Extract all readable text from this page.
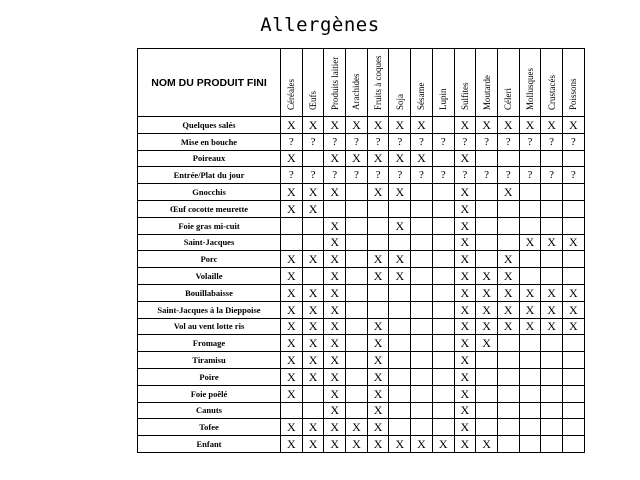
Allergènes
NOM DU PRODUIT FINI	Céréales	Œufs	Produits laitier	Arachides	Fruits à coques	Soja	Sésame	Lupin	Sulfites	Moutarde	Céleri	Mollusques	Crustacés	Poissons

Quelques salés	X	X	X	X	X	X	X		X	X	X	X	X	X
Mise en bouche	?	?	?	?	?	?	?	?	?	?	?	?	?	?
Poireaux	X		X	X	X	X	X		X					
Entrée/Plat du jour	?	?	?	?	?	?	?	?	?	?	?	?	?	?
Gnocchis	X	X	X		X	X			X		X			
Œuf cocotte meurette	X	X							X					
Foie gras mi-cuit			X			X			X					
Saint-Jacques			X						X			X	X	X
Porc	X	X	X		X	X			X		X			
Volaille	X		X		X	X			X	X	X			
Bouillabaisse	X	X	X						X	X	X	X	X	X
Saint-Jacques à la Dieppoise	X	X	X						X	X	X	X	X	X
Vol au vent lotte ris	X	X	X		X				X	X	X	X	X	X
Fromage	X	X	X		X				X	X				
Tiramisu	X	X	X		X				X					
Poire	X	X	X		X				X					
Foie poêlé	X		X		X				X					
Canuts			X		X				X					
Tofee	X	X	X	X	X				X					
Enfant	X	X	X	X	X	X	X	X	X	X				
